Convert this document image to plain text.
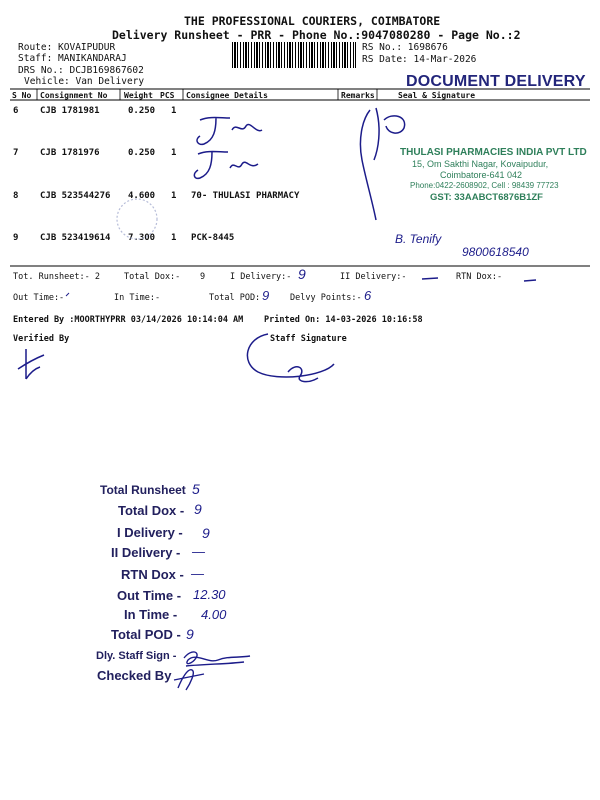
THE PROFESSIONAL COURIERS, COIMBATORE
Delivery Runsheet - PRR - Phone No.:9047080280 - Page No.:2
Route: KOVAIPUDUR
Staff: MANIKANDARAJ
DRS No.: DCJB169867602
Vehicle: Van Delivery
RS No.: 1698676
RS Date: 14-Mar-2026
DOCUMENT DELIVERY
S No Consignment No Weight PCS Consignee Details	Remarks	Seal & Signature
6 CJB 1781981	0.250 1
7 CJB 1781976	0.250 1
8 CJB 523544276 4.600 1 70- THULASI PHARMACY
9 CJB 523419614 7.300 1 PCK-8445
THULASI PHARMACIES INDIA PVT LTD
15, Om Sakthi Nagar, Kovaipudur,
Coimbatore-641 042
Phone:0422-2608902, Cell : 98439 77723
GST: 33AABCT6876B1ZF
B. Tenify
9800618540
Tot. Runsheet:- 2	Total Dox:- 9	I Delivery:- 9	II Delivery:-	RTN Dox:-
Out Time:-	In Time:-	Total POD: 9 Delvy Points:- 6
Entered By :MOORTHYPRR 03/14/2026 10:14:04 AM Printed On: 14-03-2026 10:16:58
Verified By	Staff Signature
Total Runsheet 5
Total Dox - 9
I Delivery - 9
II Delivery - —
RTN Dox - —
Out Time - 12.30
In Time - 4.00
Total POD - 9
Dly. Staff Sign -
Checked By
